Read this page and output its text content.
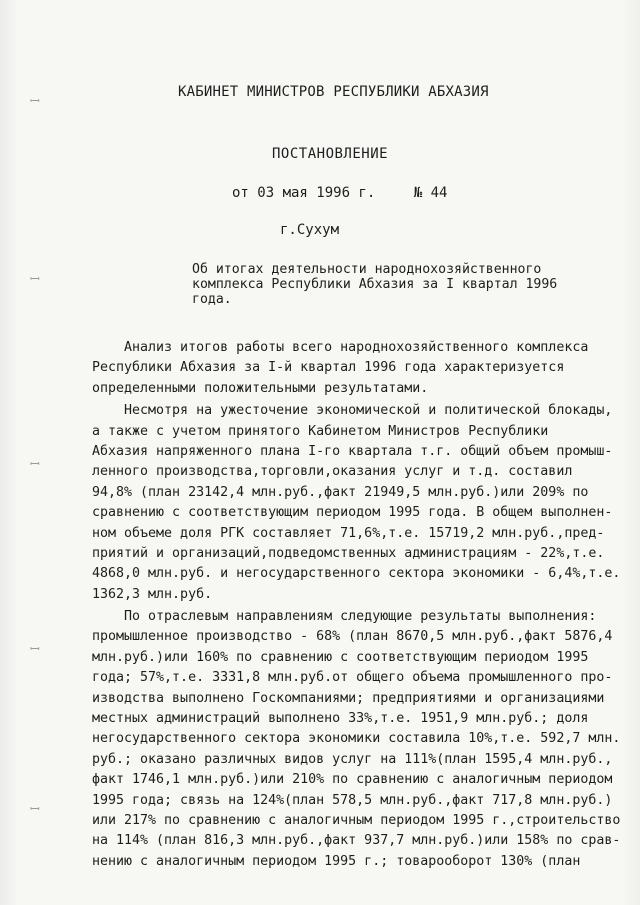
ꟷ
ꟷ
ꟷ
ꟷ
ꟷ
КАБИНЕТ МИНИСТРОВ РЕСПУБЛИКИ АБХАЗИЯ
ПОСТАНОВЛЕНИЕ
от 03 мая 1996 г.	№ 44
г.Сухум
Об итогах деятельности народнохозяйственного
комплекса Республики Абхазия за I квартал 1996
года.
Анализ итогов работы всего народнохозяйственного комплекса
Республики Абхазия за I-й квартал 1996 года характеризуется
определенными положительными результатами.
Несмотря на ужесточение экономической и политической блокады,
а также с учетом принятого Кабинетом Министров Республики
Абхазия напряженного плана I-го квартала т.г. общий объем промыш-
ленного производства,торговли,оказания услуг и т.д. составил
94,8% (план 23142,4 млн.руб.,факт 21949,5 млн.руб.)или 209% по
сравнению с соответствующим периодом 1995 года. В общем выполнен-
ном объеме доля РГК составляет 71,6%,т.е. 15719,2 млн.руб.,пред-
приятий и организаций,подведомственных администрациям - 22%,т.е.
4868,0 млн.руб. и негосударственного сектора экономики - 6,4%,т.е.
1362,3 млн.руб.
По отраслевым направлениям следующие результаты выполнения:
промышленное производство - 68% (план 8670,5 млн.руб.,факт 5876,4
млн.руб.)или 160% по сравнению с соответствующим периодом 1995
года; 57%,т.е. 3331,8 млн.руб.от общего объема промышленного про-
изводства выполнено Госкомпаниями; предприятиями и организациями
местных администраций выполнено 33%,т.е. 1951,9 млн.руб.; доля
негосударственного сектора экономики составила 10%,т.е. 592,7 млн.
руб.; оказано различных видов услуг на 111%(план 1595,4 млн.руб.,
факт 1746,1 млн.руб.)или 210% по сравнению с аналогичным периодом
1995 года; связь на 124%(план 578,5 млн.руб.,факт 717,8 млн.руб.)
или 217% по сравнению с аналогичным периодом 1995 г.,строительство
на 114% (план 816,3 млн.руб.,факт 937,7 млн.руб.)или 158% по срав-
нению с аналогичным периодом 1995 г.; товарооборот 130% (план
